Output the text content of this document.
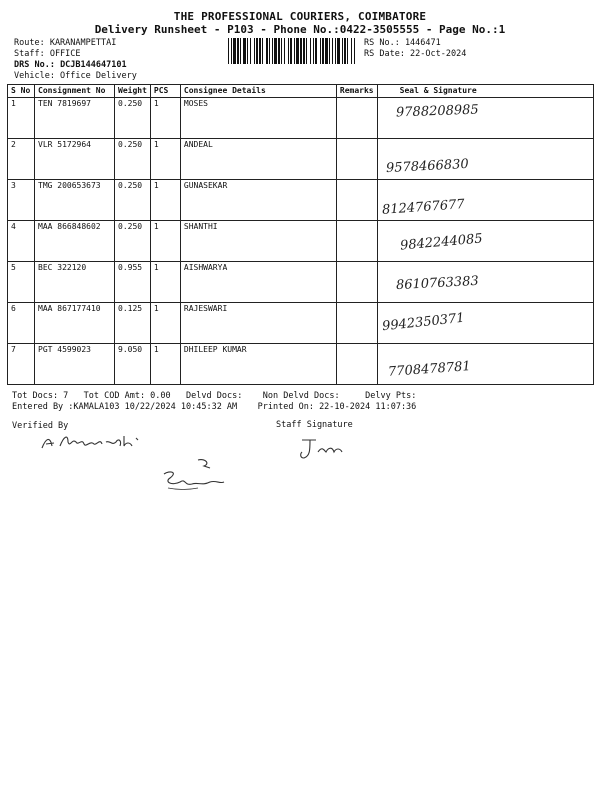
THE PROFESSIONAL COURIERS, COIMBATORE
Delivery Runsheet - P103 - Phone No.:0422-3505555 - Page No.:1
Route: KARANAMPETTAI
Staff: OFFICE
DRS No.: DCJB144647101
Vehicle: Office Delivery
RS No.: 1446471
RS Date: 22-Oct-2024
S No	Consignment No	Weight	PCS	Consignee Details	Remarks	Seal & Signature
1	TEN 7819697	0.250	1	MOSES		9788208985

2	VLR 5172964	0.250	1	ANDEAL		9578466830

3	TMG 200653673	0.250	1	GUNASEKAR		8124767677

4	MAA 866848602	0.250	1	SHANTHI		9842244085

5	BEC 322120	0.955	1	AISHWARYA		8610763383

6	MAA 867177410	0.125	1	RAJESWARI		9942350371

7	PGT 4599023	9.050	1	DHILEEP KUMAR		7708478781
Tot Docs: 7 Tot COD Amt: 0.00 Delvd Docs: Non Delvd Docs:	Delvy Pts:
Entered By :KAMALA103 10/22/2024 10:45:32 AM Printed On: 22-10-2024 11:07:36
Verified By	Staff Signature
